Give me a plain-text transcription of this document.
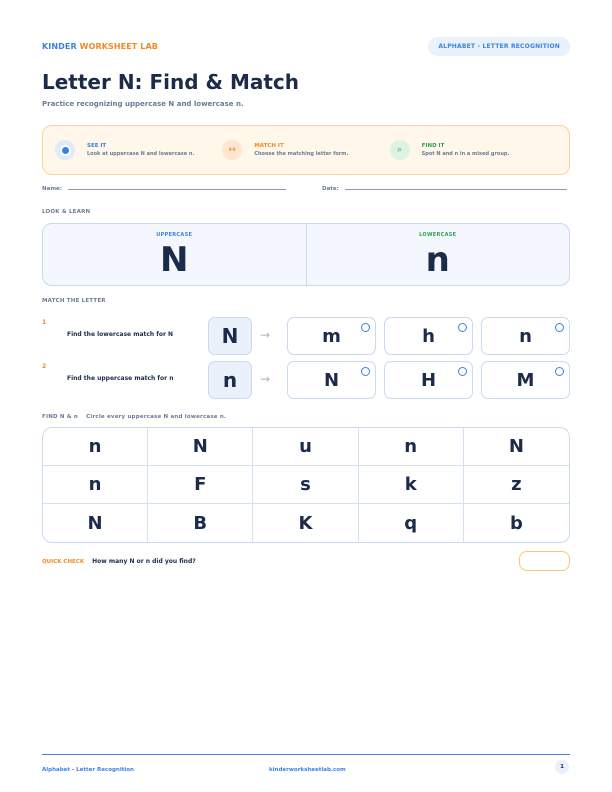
KINDER WORKSHEET LAB	ALPHABET - LETTER RECOGNITION
Letter N: Find & Match
Practice recognizing uppercase N and lowercase n.
SEE IT
Look at uppercase N and lowercase n.	↔	MATCH IT
Choose the matching letter form.	⌕	FIND IT
Spot N and n in a mixed group.
Name:	Date:
LOOK & LEARN
UPPERCASE
N
LOWERCASE
n
MATCH THE LETTER
1
Find the lowercase match for N	N	→	m	h	n
2
Find the uppercase match for n	n	→	N	H	M
FIND N & n Circle every uppercase N and lowercase n.
n	N	u	n	N
n	F	s	k	z
N	B	K	q	b
QUICK CHECK How many N or n did you find?
Alphabet - Letter Recognition	kinderworksheetlab.com	1
